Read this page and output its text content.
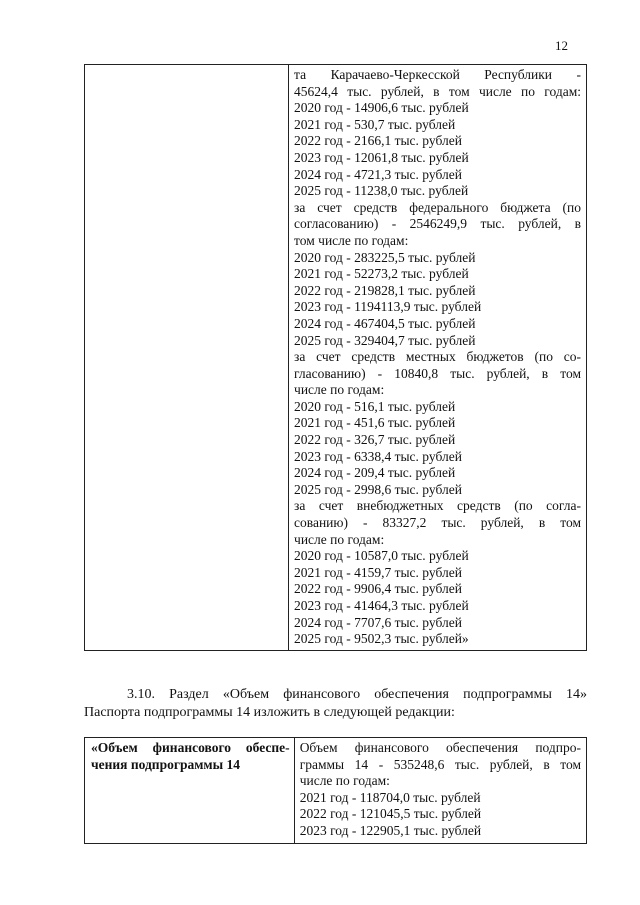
12

та Карачаево-Черкесской Республики -
45624,4 тыс. рублей, в том числе по годам:
2020 год - 14906,6 тыс. рублей
2021 год - 530,7 тыс. рублей
2022 год - 2166,1 тыс. рублей
2023 год - 12061,8 тыс. рублей
2024 год - 4721,3 тыс. рублей
2025 год - 11238,0 тыс. рублей
за счет средств федерального бюджета (по
согласованию) - 2546249,9 тыс. рублей, в
том числе по годам:
2020 год - 283225,5 тыс. рублей
2021 год - 52273,2 тыс. рублей
2022 год - 219828,1 тыс. рублей
2023 год - 1194113,9 тыс. рублей
2024 год - 467404,5 тыс. рублей
2025 год - 329404,7 тыс. рублей
за счет средств местных бюджетов (по со-
гласованию) - 10840,8 тыс. рублей, в том
числе по годам:
2020 год - 516,1 тыс. рублей
2021 год - 451,6 тыс. рублей
2022 год - 326,7 тыс. рублей
2023 год - 6338,4 тыс. рублей
2024 год - 209,4 тыс. рублей
2025 год - 2998,6 тыс. рублей
за счет внебюджетных средств (по согла-
сованию) - 83327,2 тыс. рублей, в том
числе по годам:
2020 год - 10587,0 тыс. рублей
2021 год - 4159,7 тыс. рублей
2022 год - 9906,4 тыс. рублей
2023 год - 41464,3 тыс. рублей
2024 год - 7707,6 тыс. рублей
2025 год - 9502,3 тыс. рублей»
3.10. Раздел «Объем финансового обеспечения подпрограммы 14»
Паспорта подпрограммы 14 изложить в следующей редакции:
«Объем финансового обеспе-
чения подпрограммы 14

Объем финансового обеспечения подпро-
граммы 14 - 535248,6 тыс. рублей, в том
числе по годам:
2021 год - 118704,0 тыс. рублей
2022 год - 121045,5 тыс. рублей
2023 год - 122905,1 тыс. рублей
